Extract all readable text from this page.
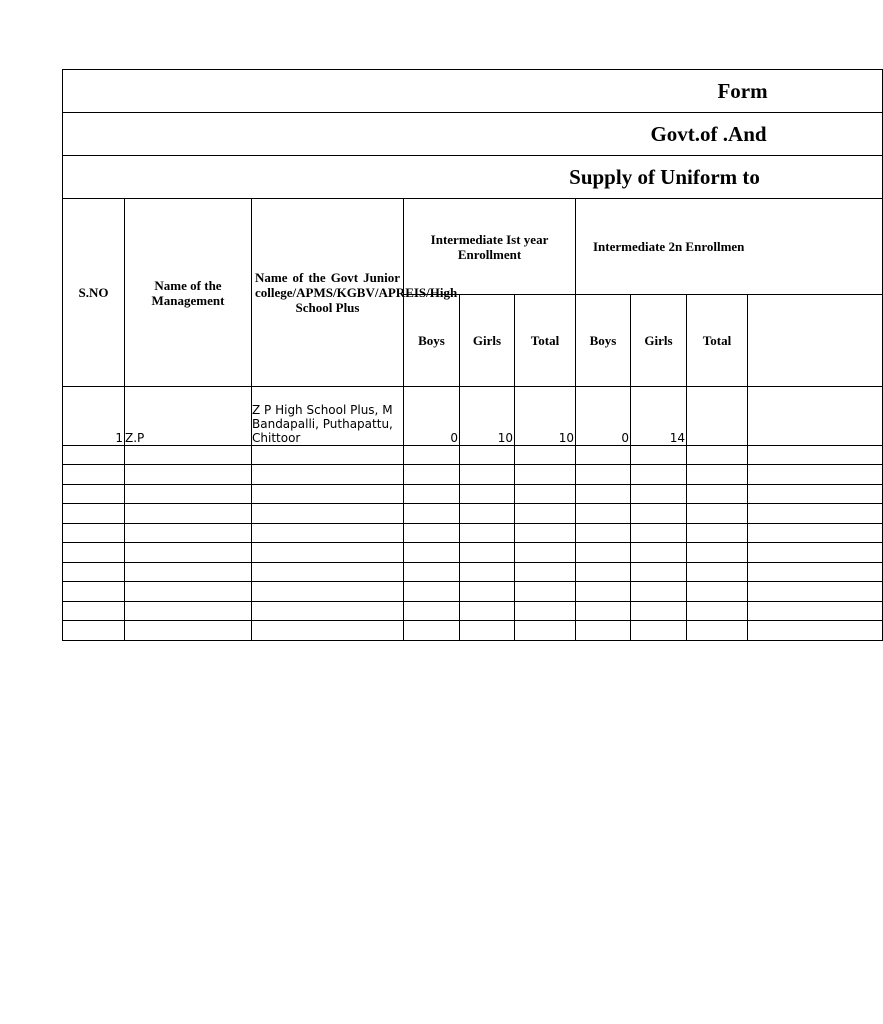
Form										
Govt.of .And										
Supply of Uniform to										
S.NO	Name of the Management	Name of the Govt Junior college/APMS/KGBV/APREIS/High School Plus	Intermediate Ist year Enrollment			Intermediate 2n Enrollmen				
			Boys	Girls	Total	Boys	Girls	Total		
1	Z.P	Z P High School Plus, M Bandapalli, Puthapattu, Chittoor	0	10	10	0	14			
